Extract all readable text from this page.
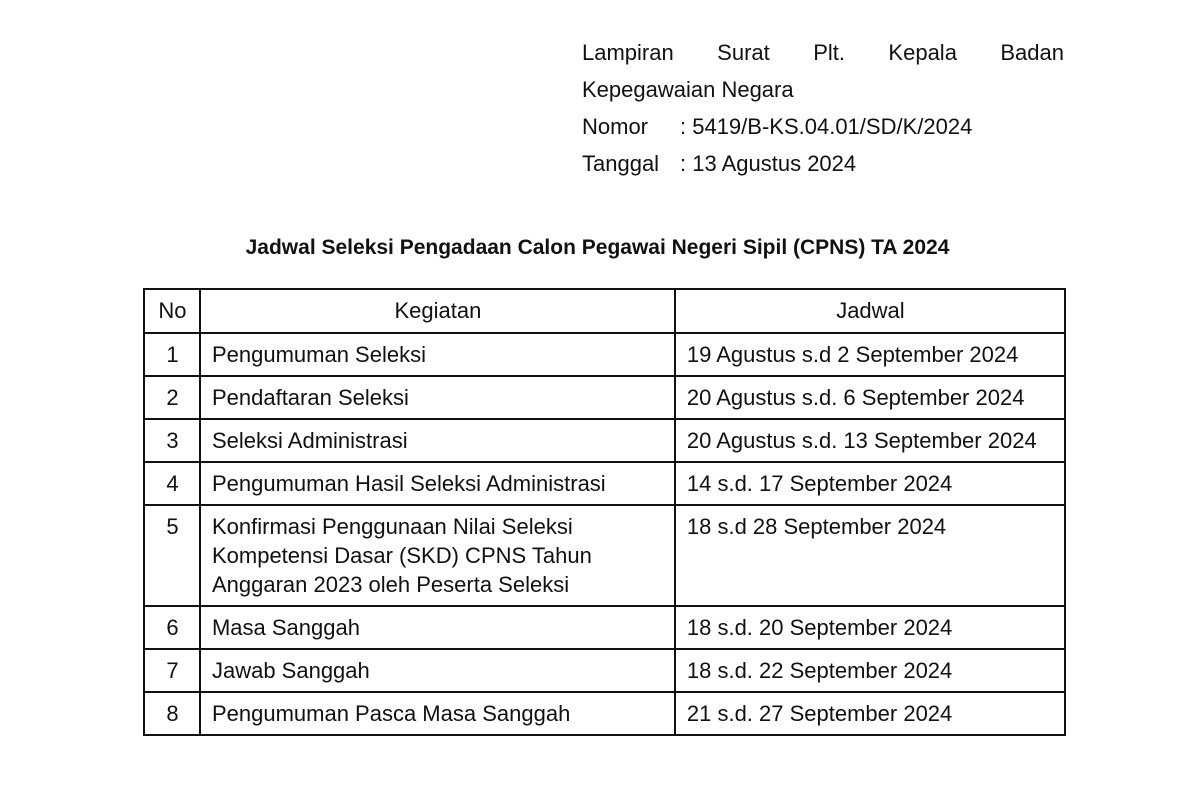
Lampiran Surat Plt. Kepala Badan
Kepegawaian Negara
Nomor	: 5419/B-KS.04.01/SD/K/2024
Tanggal : 13 Agustus 2024
Jadwal Seleksi Pengadaan Calon Pegawai Negeri Sipil (CPNS) TA 2024
No	Kegiatan	Jadwal
1	Pengumuman Seleksi	19 Agustus s.d 2 September 2024

2	Pendaftaran Seleksi	20 Agustus s.d. 6 September 2024

3	Seleksi Administrasi	20 Agustus s.d. 13 September 2024

4	Pengumuman Hasil Seleksi Administrasi	14 s.d. 17 September 2024

5	Konfirmasi Penggunaan Nilai Seleksi Kompetensi Dasar (SKD) CPNS Tahun Anggaran 2023 oleh Peserta Seleksi	18 s.d 28 September 2024

6	Masa Sanggah	18 s.d. 20 September 2024

7	Jawab Sanggah	18 s.d. 22 September 2024

8	Pengumuman Pasca Masa Sanggah	21 s.d. 27 September 2024
